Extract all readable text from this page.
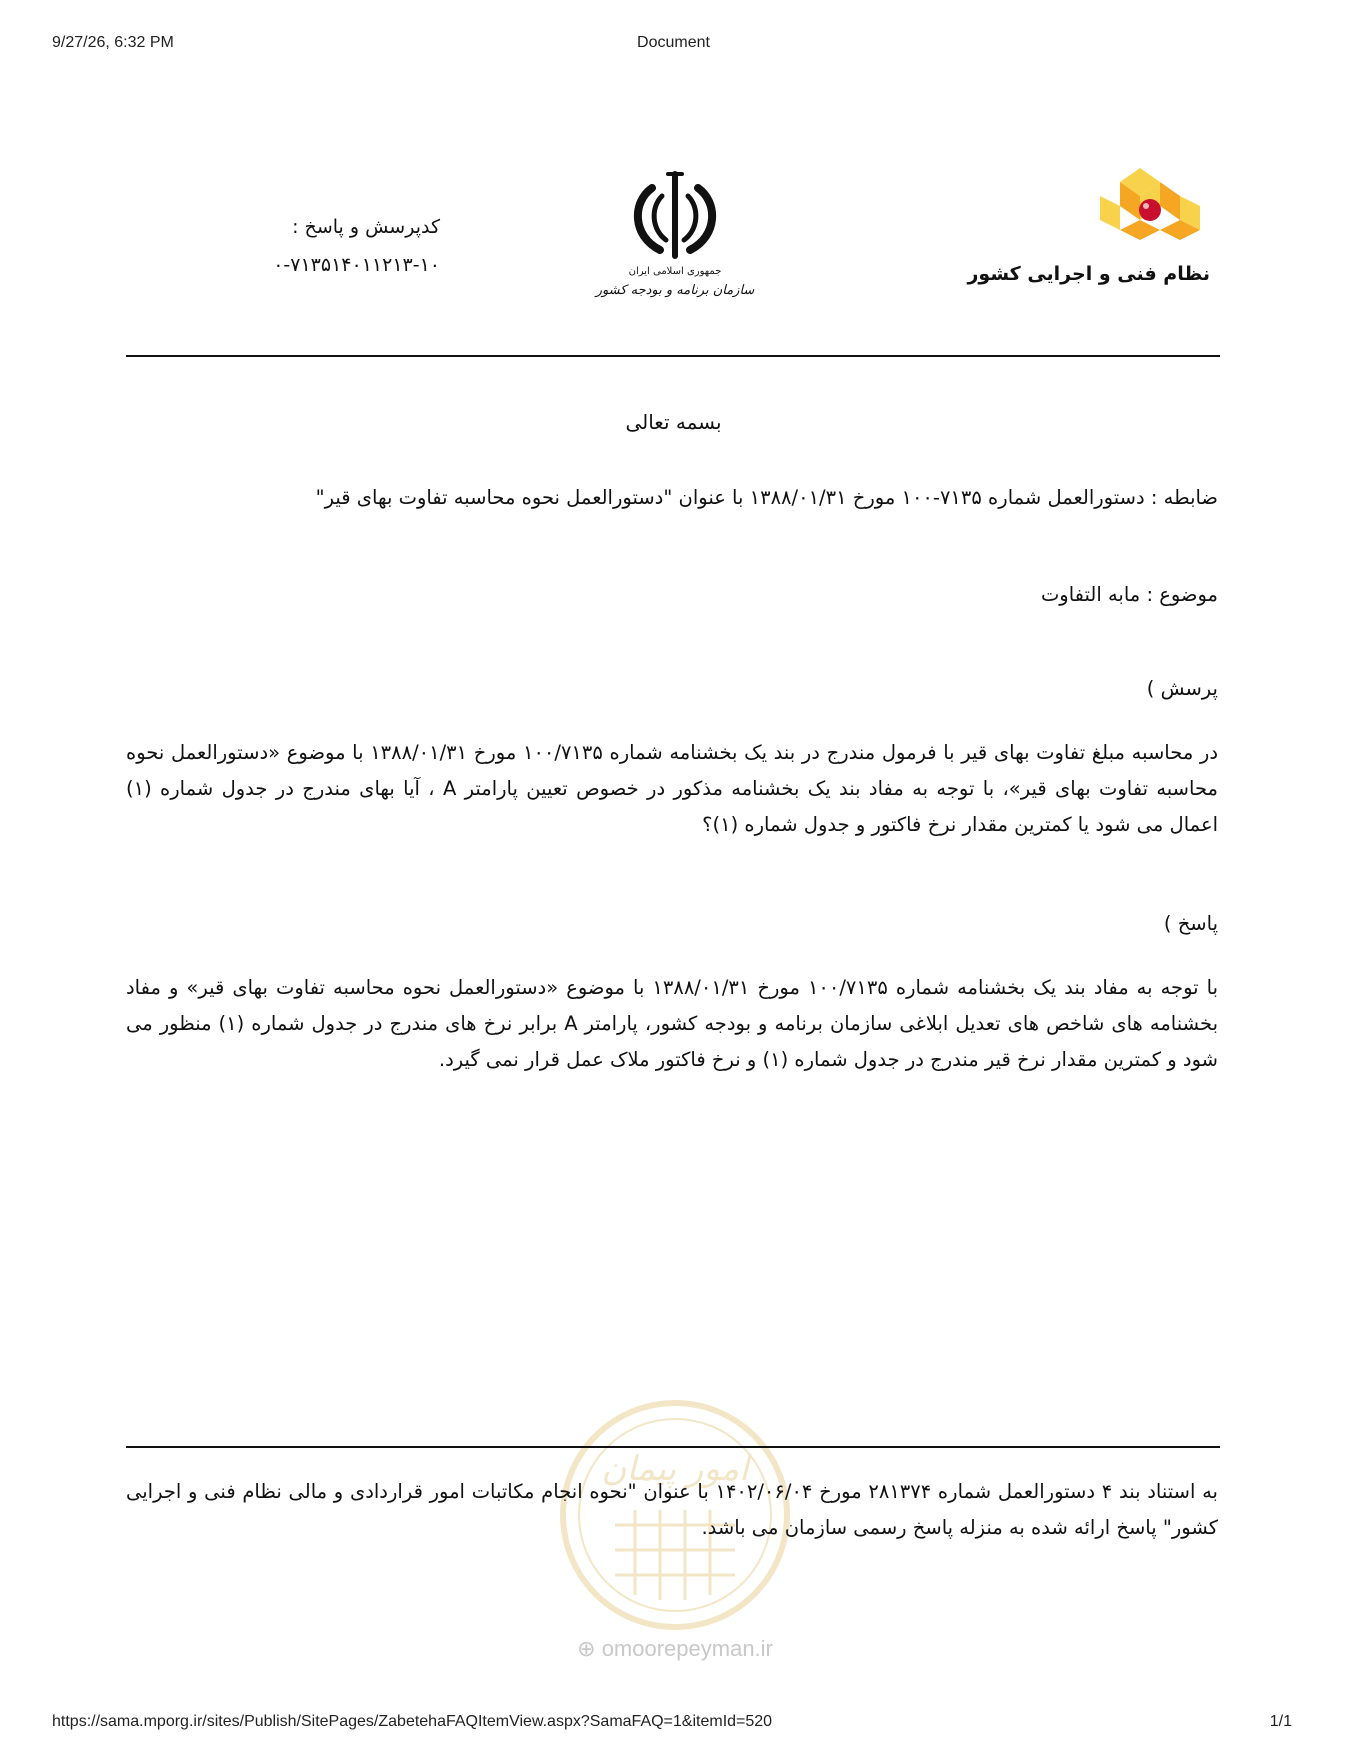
9/27/26, 6:32 PM	Document
کدپرسش و پاسخ :
۰-۷۱۳۵۱۴۰۱۱۲۱۳-۱۰	جمهوری اسلامی ایران
سازمان برنامه و بودجه کشور
نظام فنی و اجرایی کشور
بسمه تعالی
ضابطه : دستورالعمل شماره ۷۱۳۵-۱۰۰ مورخ ۱۳۸۸/۰۱/۳۱ با عنوان "دستورالعمل نحوه محاسبه تفاوت بهای قیر"
موضوع : مابه التفاوت
پرسش )
در محاسبه مبلغ تفاوت بهای قیر با فرمول مندرج در بند یک بخشنامه شماره ۱۰۰/۷۱۳۵ مورخ ۱۳۸۸/۰۱/۳۱ با موضوع «دستورالعمل نحوه محاسبه تفاوت بهای قیر»، با توجه به مفاد بند یک بخشنامه مذکور در خصوص تعیین پارامتر A ، آیا بهای مندرج در جدول شماره (۱) اعمال می شود یا کمترین مقدار نرخ فاکتور و جدول شماره (۱)؟
پاسخ )
با توجه به مفاد بند یک بخشنامه شماره ۱۰۰/۷۱۳۵ مورخ ۱۳۸۸/۰۱/۳۱ با موضوع «دستورالعمل نحوه محاسبه تفاوت بهای قیر» و مفاد بخشنامه های شاخص های تعدیل ابلاغی سازمان برنامه و بودجه کشور، پارامتر A برابر نرخ های مندرج در جدول شماره (۱) منظور می شود و کمترین مقدار نرخ قیر مندرج در جدول شماره (۱) و نرخ فاکتور ملاک عمل قرار نمی گیرد.
امور پیمان
⊕ omoorepeyman.ir
به استناد بند ۴ دستورالعمل شماره ۲۸۱۳۷۴ مورخ ۱۴۰۲/۰۶/۰۴ با عنوان "نحوه انجام مکاتبات امور قراردادی و مالی نظام فنی و اجرایی کشور" پاسخ ارائه شده به منزله پاسخ رسمی سازمان می باشد.
https://sama.mporg.ir/sites/Publish/SitePages/ZabetehaFAQItemView.aspx?SamaFAQ=1&itemId=520	1/1
